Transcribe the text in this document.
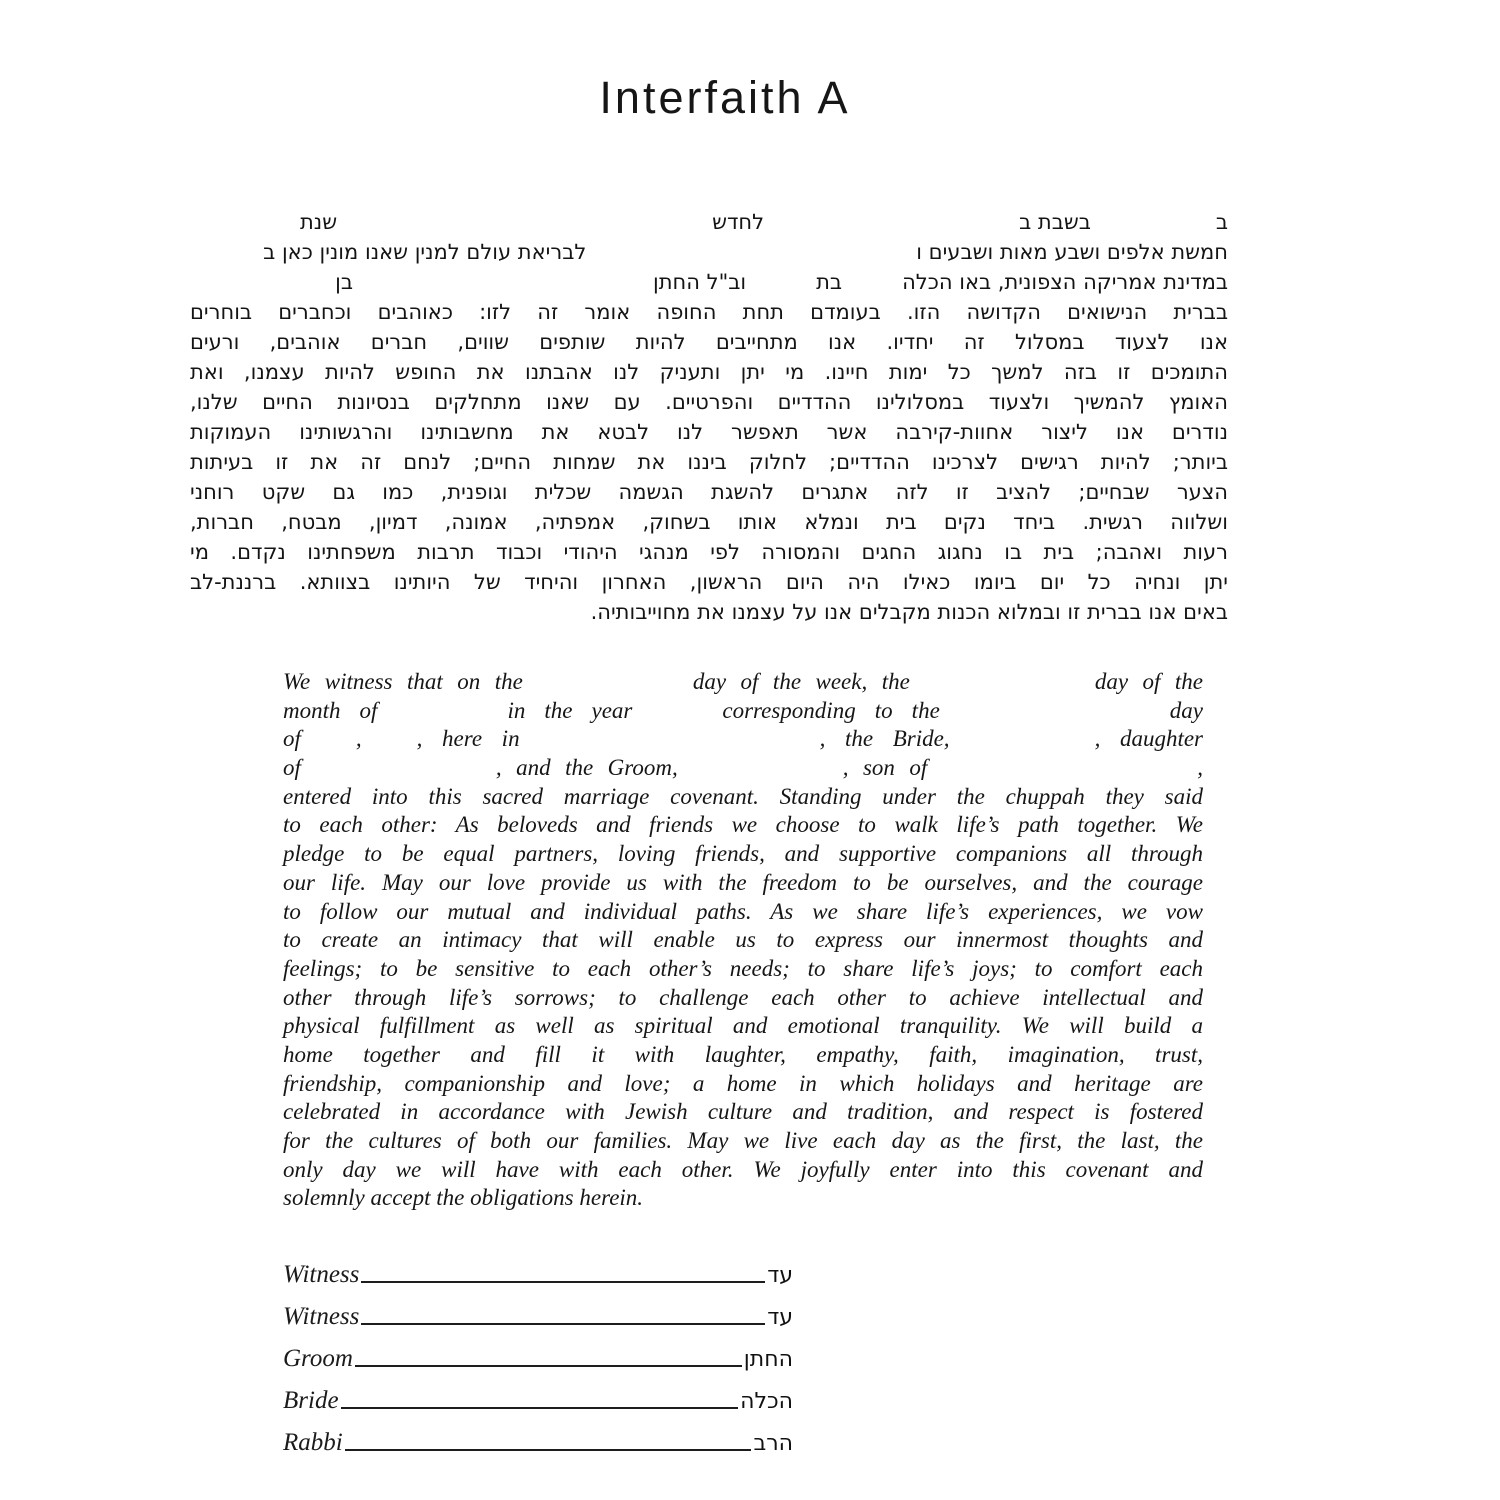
Interfaith A
בבשבת בלחדששנת
חמשת אלפים ושבע מאות ושבעים ולבריאת עולם למנין שאנו מונין כאן ב
במדינת אמריקה הצפונית, באו הכלהבתוב"ל החתןבן
בברית הנישואים הקדושה הזו. בעומדם תחת החופה אומר זה לזו: כאוהבים וכחברים בוחרים
אנו לצעוד במסלול זה יחדיו. אנו מתחייבים להיות שותפים שווים, חברים אוהבים, ורעים
התומכים זו בזה למשך כל ימות חיינו. מי יתן ותעניק לנו אהבתנו את החופש להיות עצמנו, ואת
האומץ להמשיך ולצעוד במסלולינו ההדדיים והפרטיים. עם שאנו מתחלקים בנסיונות החיים שלנו,
נודרים אנו ליצור אחוות-קירבה אשר תאפשר לנו לבטא את מחשבותינו והרגשותינו העמוקות
ביותר; להיות רגישים לצרכינו ההדדיים; לחלוק ביננו את שמחות החיים; לנחם זה את זו בעיתות
הצער שבחיים; להציב זו לזה אתגרים להשגת הגשמה שכלית וגופנית, כמו גם שקט רוחני
ושלווה רגשית. ביחד נקים בית ונמלא אותו בשחוק, אמפתיה, אמונה, דמיון, מבטח, חברות,
רעות ואהבה; בית בו נחגוג החגים והמסורה לפי מנהגי היהודי וכבוד תרבות משפחתינו נקדם. מי
יתן ונחיה כל יום ביומו כאילו היה היום הראשון, האחרון והיחיד של היותינו בצוותא. ברננת-לב
באים אנו בברית זו ובמלוא הכנות מקבלים אנו על עצמנו את מחוייבותיה.
We witness that on the	day of the week, the	day of the
month of	in the year	corresponding to the	day
of , , here in	, the Bride,	, daughter
of	, and the Groom,	, son of	,
entered into this sacred marriage covenant. Standing under the chuppah they said
to each other: As beloveds and friends we choose to walk life’s path together. We
pledge to be equal partners, loving friends, and supportive companions all through
our life. May our love provide us with the freedom to be ourselves, and the courage
to follow our mutual and individual paths. As we share life’s experiences, we vow
to create an intimacy that will enable us to express our innermost thoughts and
feelings; to be sensitive to each other’s needs; to share life’s joys; to comfort each
other through life’s sorrows; to challenge each other to achieve intellectual and
physical fulfillment as well as spiritual and emotional tranquility. We will build a
home together and fill it with laughter, empathy, faith, imagination, trust,
friendship, companionship and love; a home in which holidays and heritage are
celebrated in accordance with Jewish culture and tradition, and respect is fostered
for the cultures of both our families. May we live each day as the first, the last, the
only day we will have with each other. We joyfully enter into this covenant and
solemnly accept the obligations herein.
Witness	עד
Witness	עד
Groom	החתן
Bride	הכלה
Rabbi	הרב
